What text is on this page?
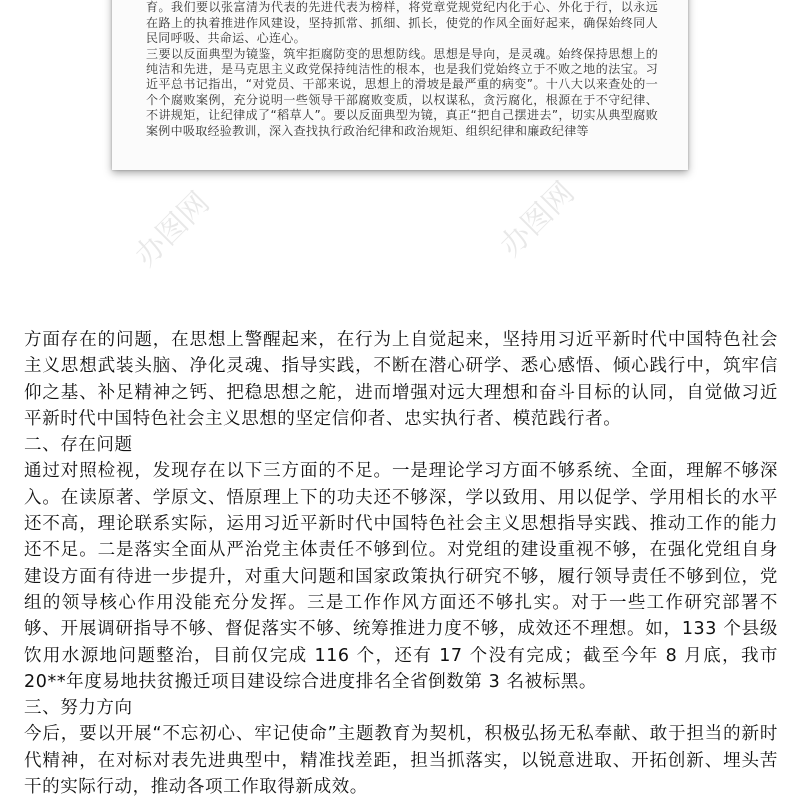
育。我们要以张富清为代表的先进代表为榜样，将党章党规党纪内化于心、外化于行，以永远在路上的执着推进作风建设，坚持抓常、抓细、抓长，使党的作风全面好起来，确保始终同人民同呼吸、共命运、心连心。

三要以反面典型为镜鉴，筑牢拒腐防变的思想防线。思想是导向，是灵魂。始终保持思想上的纯洁和先进，是马克思主义政党保持纯洁性的根本，也是我们党始终立于不败之地的法宝。习近平总书记指出，“对党员、干部来说，思想上的滑坡是最严重的病变”。十八大以来查处的一个个腐败案例，充分说明一些领导干部腐败变质，以权谋私，贪污腐化，根源在于不守纪律、不讲规矩，让纪律成了“稻草人”。要以反面典型为镜，真正“把自己摆进去”，切实从典型腐败案例中吸取经验教训，深入查找执行政治纪律和政治规矩、组织纪律和廉政纪律等

办图网	办图网

方面存在的问题，在思想上警醒起来，在行为上自觉起来，坚持用习近平新时代中国特色社会主义思想武装头脑、净化灵魂、指导实践，不断在潜心研学、悉心感悟、倾心践行中，筑牢信仰之基、补足精神之钙、把稳思想之舵，进而增强对远大理想和奋斗目标的认同，自觉做习近平新时代中国特色社会主义思想的坚定信仰者、忠实执行者、模范践行者。

二、存在问题

通过对照检视，发现存在以下三方面的不足。一是理论学习方面不够系统、全面，理解不够深入。在读原著、学原文、悟原理上下的功夫还不够深，学以致用、用以促学、学用相长的水平还不高，理论联系实际，运用习近平新时代中国特色社会主义思想指导实践、推动工作的能力还不足。二是落实全面从严治党主体责任不够到位。对党组的建设重视不够，在强化党组自身建设方面有待进一步提升，对重大问题和国家政策执行研究不够，履行领导责任不够到位，党组的领导核心作用没能充分发挥。三是工作作风方面还不够扎实。对于一些工作研究部署不够、开展调研指导不够、督促落实不够、统筹推进力度不够，成效还不理想。如，133 个县级饮用水源地问题整治，目前仅完成 116 个，还有 17 个没有完成；截至今年 8 月底，我市 20**年度易地扶贫搬迁项目建设综合进度排名全省倒数第 3 名被标黑。

三、努力方向

今后，要以开展“不忘初心、牢记使命”主题教育为契机，积极弘扬无私奉献、敢于担当的新时代精神，在对标对表先进典型中，精准找差距，担当抓落实，以锐意进取、开拓创新、埋头苦干的实际行动，推动各项工作取得新成效。
